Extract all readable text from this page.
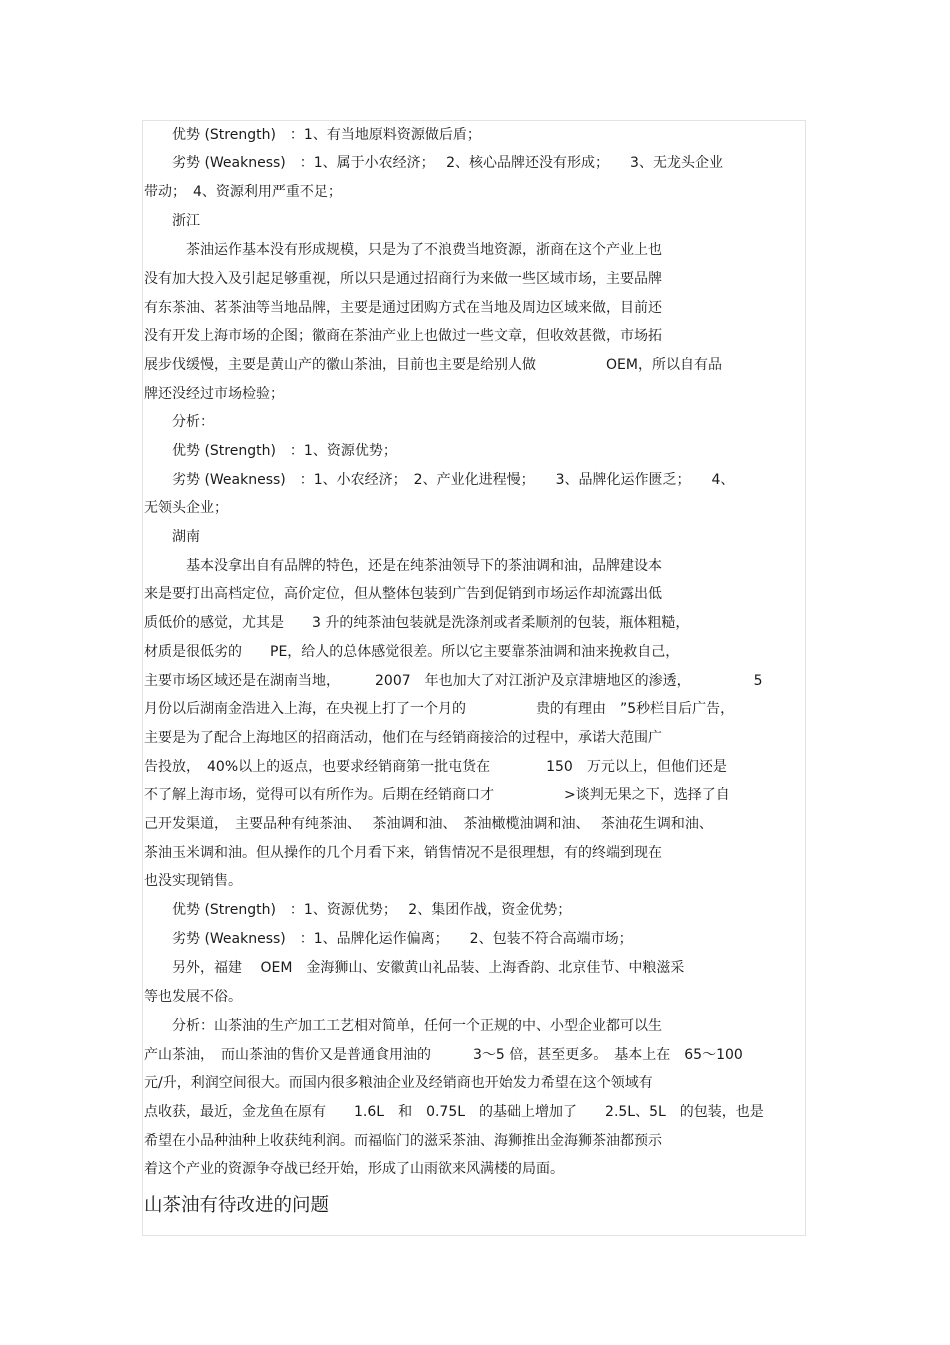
　　优势 (Strength)　：1、有当地原料资源做后盾；
　　劣势 (Weakness)　：1、属于小农经济；　 2、核心品牌还没有形成；　　3、无龙头企业
带动；　4、资源利用严重不足；
　　浙江
　　　茶油运作基本没有形成规模，只是为了不浪费当地资源，浙商在这个产业上也
没有加大投入及引起足够重视，所以只是通过招商行为来做一些区域市场，主要品牌
有东茶油、茗茶油等当地品牌，主要是通过团购方式在当地及周边区域来做，目前还
没有开发上海市场的企图；徽商在茶油产业上也做过一些文章，但收效甚微，市场拓
展步伐缓慢，主要是黄山产的徽山茶油，目前也主要是给别人做　　　　　OEM，所以自有品
牌还没经过市场检验；
　　分析：
　　优势 (Strength)　：1、资源优势；
　　劣势 (Weakness)　：1、小农经济；　2、产业化进程慢；　　3、品牌化运作匮乏；　　4、
无领头企业；
　　湖南
　　　基本没拿出自有品牌的特色，还是在纯茶油领导下的茶油调和油，品牌建设本
来是要打出高档定位，高价定位，但从整体包装到广告到促销到市场运作却流露出低
质低价的感觉，尤其是　　3 升的纯茶油包装就是洗涤剂或者柔顺剂的包装，瓶体粗糙，
材质是很低劣的　　PE，给人的总体感觉很差。所以它主要靠茶油调和油来挽救自己，
主要市场区域还是在湖南当地，　　　2007　年也加大了对江浙沪及京津塘地区的渗透，　　　　　5
月份以后湖南金浩进入上海，在央视上打了一个月的　　　　　贵的有理由　”5秒栏目后广告，
主要是为了配合上海地区的招商活动，他们在与经销商接洽的过程中，承诺大范围广
告投放，　40%以上的返点，也要求经销商第一批屯货在　　　　150　万元以上，但他们还是
不了解上海市场，觉得可以有所作为。后期在经销商口才　　　　　>谈判无果之下，选择了自
己开发渠道，　主要品种有纯茶油、　 茶油调和油、　茶油橄榄油调和油、　 茶油花生调和油、
茶油玉米调和油。但从操作的几个月看下来，销售情况不是很理想，有的终端到现在
也没实现销售。
　　优势 (Strength)　：1、资源优势；　 2、集团作战，资金优势；
　　劣势 (Weakness)　：1、品牌化运作偏离；　　2、包装不符合高端市场；
　　另外，福建　 OEM　金海狮山、安徽黄山礼品装、上海香韵、北京佳节、中粮滋采
等也发展不俗。
　　分析：山茶油的生产加工工艺相对简单，任何一个正规的中、小型企业都可以生
产山茶油，　而山茶油的售价又是普通食用油的　　　3～5 倍，甚至更多。　基本上在　65～100
元/升，利润空间很大。而国内很多粮油企业及经销商也开始发力希望在这个领域有
点收获，最近，金龙鱼在原有　　1.6L　和　0.75L　的基础上增加了　　2.5L、5L　的包装，也是
希望在小品种油种上收获纯利润。而福临门的滋采茶油、海狮推出金海狮茶油都预示
着这个产业的资源争夺战已经开始，形成了山雨欲来风满楼的局面。
山茶油有待改进的问题
